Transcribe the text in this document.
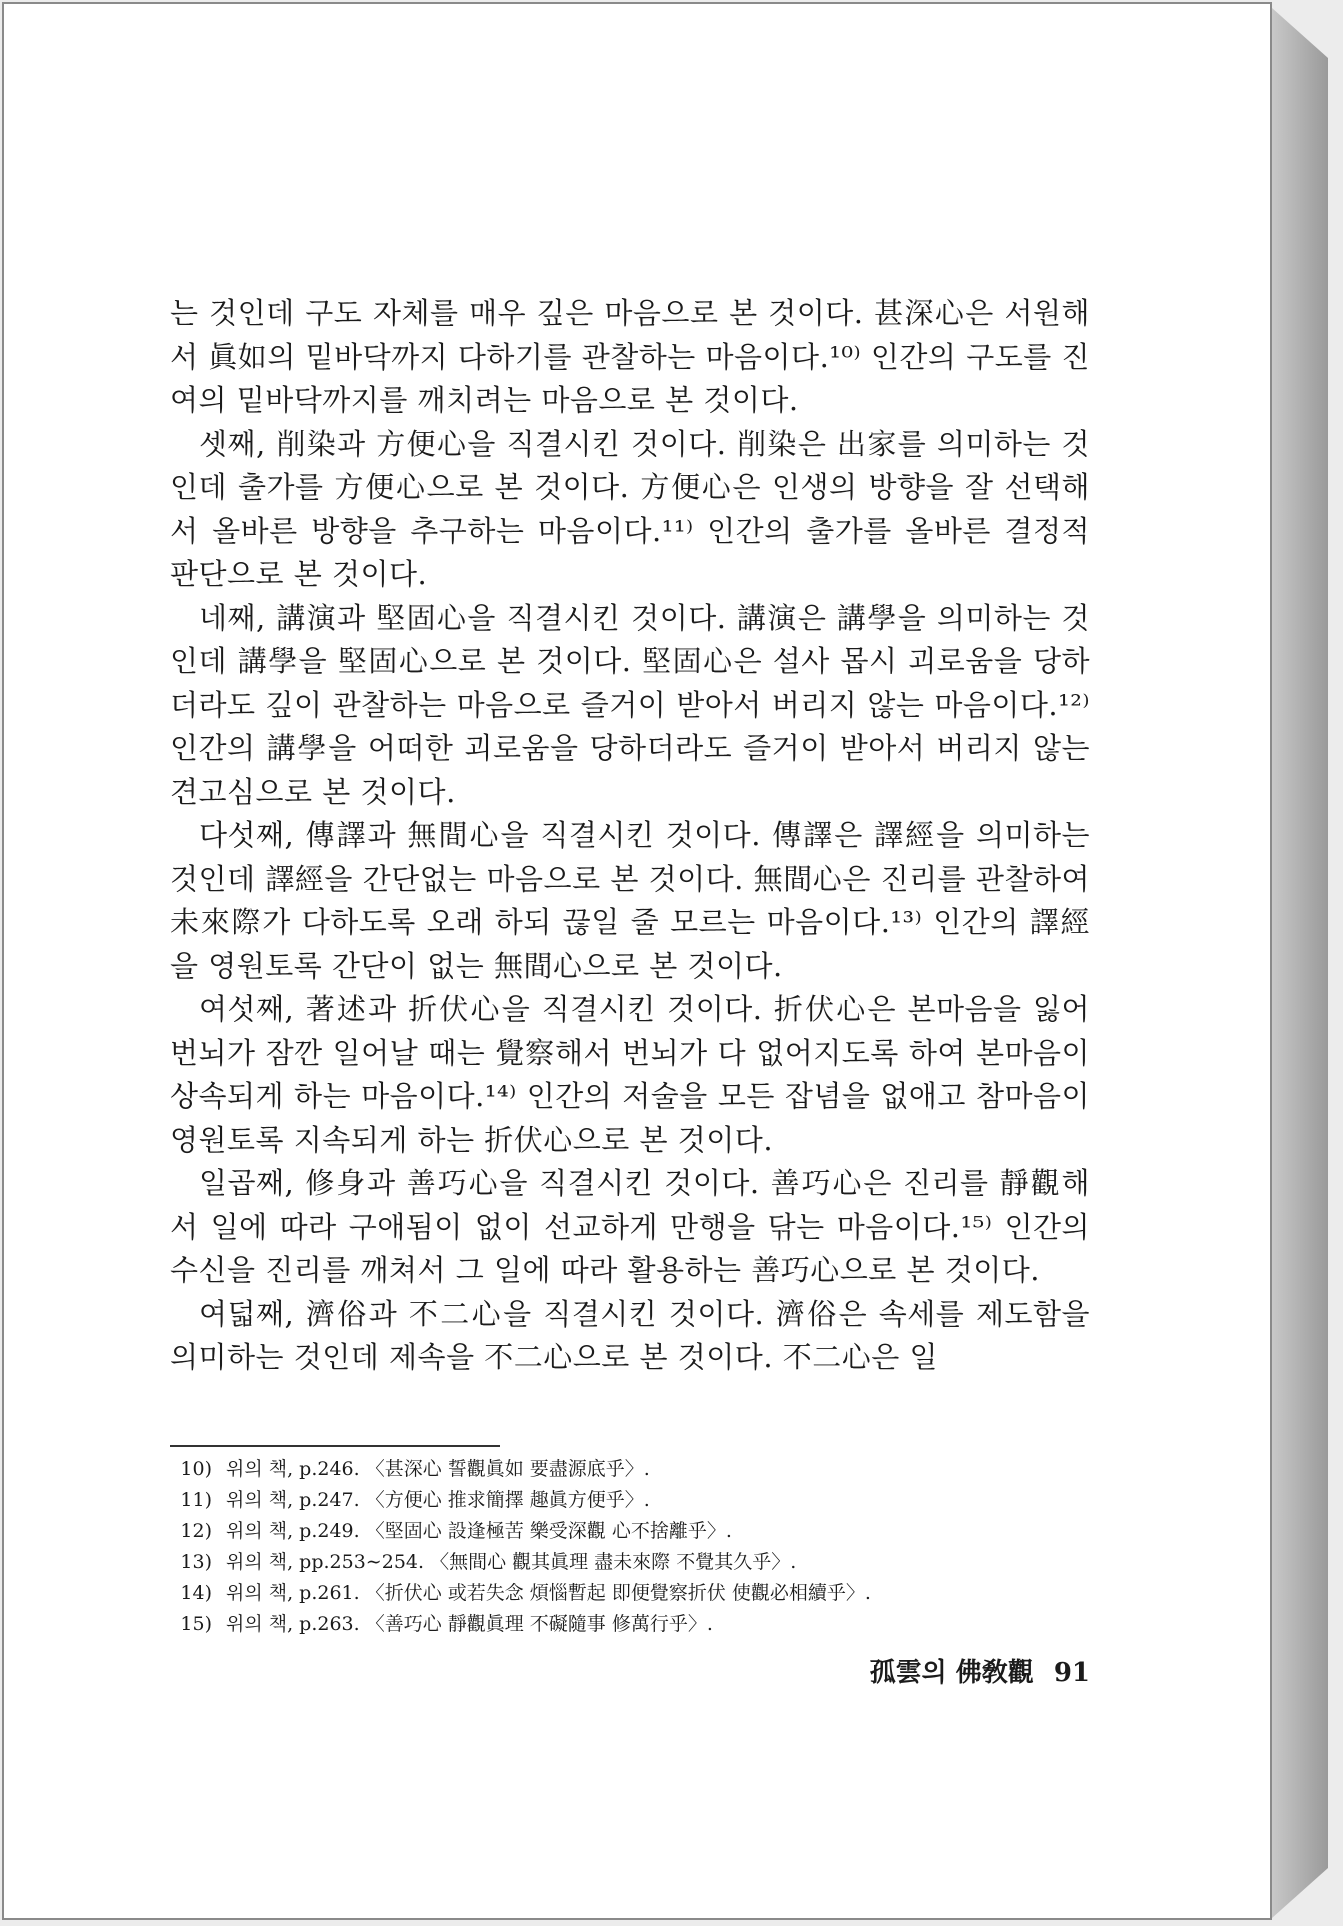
는 것인데 구도 자체를 매우 깊은 마음으로 본 것이다. 甚深心은 서원해서 眞如의 밑바닥까지 다하기를 관찰하는 마음이다.¹⁰⁾ 인간의 구도를 진여의 밑바닥까지를 깨치려는 마음으로 본 것이다.

셋째, 削染과 方便心을 직결시킨 것이다. 削染은 出家를 의미하는 것인데 출가를 方便心으로 본 것이다. 方便心은 인생의 방향을 잘 선택해서 올바른 방향을 추구하는 마음이다.¹¹⁾ 인간의 출가를 올바른 결정적 판단으로 본 것이다.

네째, 講演과 堅固心을 직결시킨 것이다. 講演은 講學을 의미하는 것인데 講學을 堅固心으로 본 것이다. 堅固心은 설사 몹시 괴로움을 당하더라도 깊이 관찰하는 마음으로 즐거이 받아서 버리지 않는 마음이다.¹²⁾ 인간의 講學을 어떠한 괴로움을 당하더라도 즐거이 받아서 버리지 않는 견고심으로 본 것이다.

다섯째, 傳譯과 無間心을 직결시킨 것이다. 傳譯은 譯經을 의미하는 것인데 譯經을 간단없는 마음으로 본 것이다. 無間心은 진리를 관찰하여 未來際가 다하도록 오래 하되 끊일 줄 모르는 마음이다.¹³⁾ 인간의 譯經을 영원토록 간단이 없는 無間心으로 본 것이다.

여섯째, 著述과 折伏心을 직결시킨 것이다. 折伏心은 본마음을 잃어 번뇌가 잠깐 일어날 때는 覺察해서 번뇌가 다 없어지도록 하여 본마음이 상속되게 하는 마음이다.¹⁴⁾ 인간의 저술을 모든 잡념을 없애고 참마음이 영원토록 지속되게 하는 折伏心으로 본 것이다.

일곱째, 修身과 善巧心을 직결시킨 것이다. 善巧心은 진리를 靜觀해서 일에 따라 구애됨이 없이 선교하게 만행을 닦는 마음이다.¹⁵⁾ 인간의 수신을 진리를 깨쳐서 그 일에 따라 활용하는 善巧心으로 본 것이다.

여덟째, 濟俗과 不二心을 직결시킨 것이다. 濟俗은 속세를 제도함을 의미하는 것인데 제속을 不二心으로 본 것이다. 不二心은 일

10) 위의 책, p.246. 〈甚深心 誓觀眞如 要盡源底乎〉.

11) 위의 책, p.247. 〈方便心 推求簡擇 趣眞方便乎〉.

12) 위의 책, p.249. 〈堅固心 設逢極苦 樂受深觀 心不捨離乎〉.

13) 위의 책, pp.253∼254. 〈無間心 觀其眞理 盡未來際 不覺其久乎〉.

14) 위의 책, p.261. 〈折伏心 或若失念 煩惱暫起 即便覺察折伏 使觀必相續乎〉.

15) 위의 책, p.263. 〈善巧心 靜觀眞理 不礙隨事 修萬行乎〉.

孤雲의 佛敎觀 91
